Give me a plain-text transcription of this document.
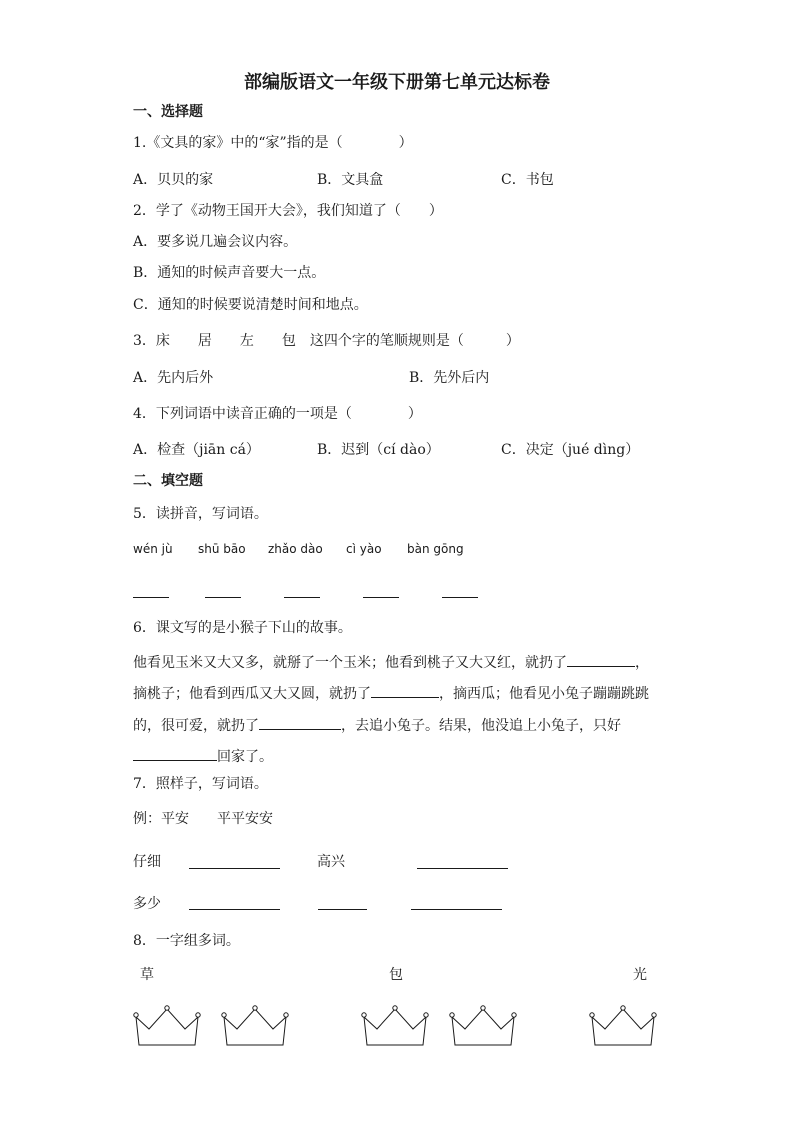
部编版语文一年级下册第七单元达标卷
一、选择题
1.《文具的家》中的“家”指的是（　　　　）
A．贝贝的家	B．文具盒	C．书包
2．学了《动物王国开大会》，我们知道了（　　）
A．要多说几遍会议内容。
B．通知的时候声音要大一点。
C．通知的时候要说清楚时间和地点。
3．床　　居　　左　　包　这四个字的笔顺规则是（　　　）
A．先内后外	B．先外后内
4．下列词语中读音正确的一项是（　　　　）
A．检查（jiān cá）	B．迟到（cí dào）	C．决定（jué dìng）
二、填空题
5．读拼音，写词语。
wén jù shū bāo zhǎo dào cì yào bàn gōng
6．课文写的是小猴子下山的故事。
他看见玉米又大又多，就掰了一个玉米；他看到桃子又大又红，就扔了	，
摘桃子；他看到西瓜又大又圆，就扔了	，摘西瓜；他看见小兔子蹦蹦跳跳
的，很可爱，就扔了	，去追小兔子。结果，他没追上小兔子，只好
回家了。
7．照样子，写词语。
例：平安 平平安安
仔细	高兴
多少
8．一字组多词。
草	包	光
